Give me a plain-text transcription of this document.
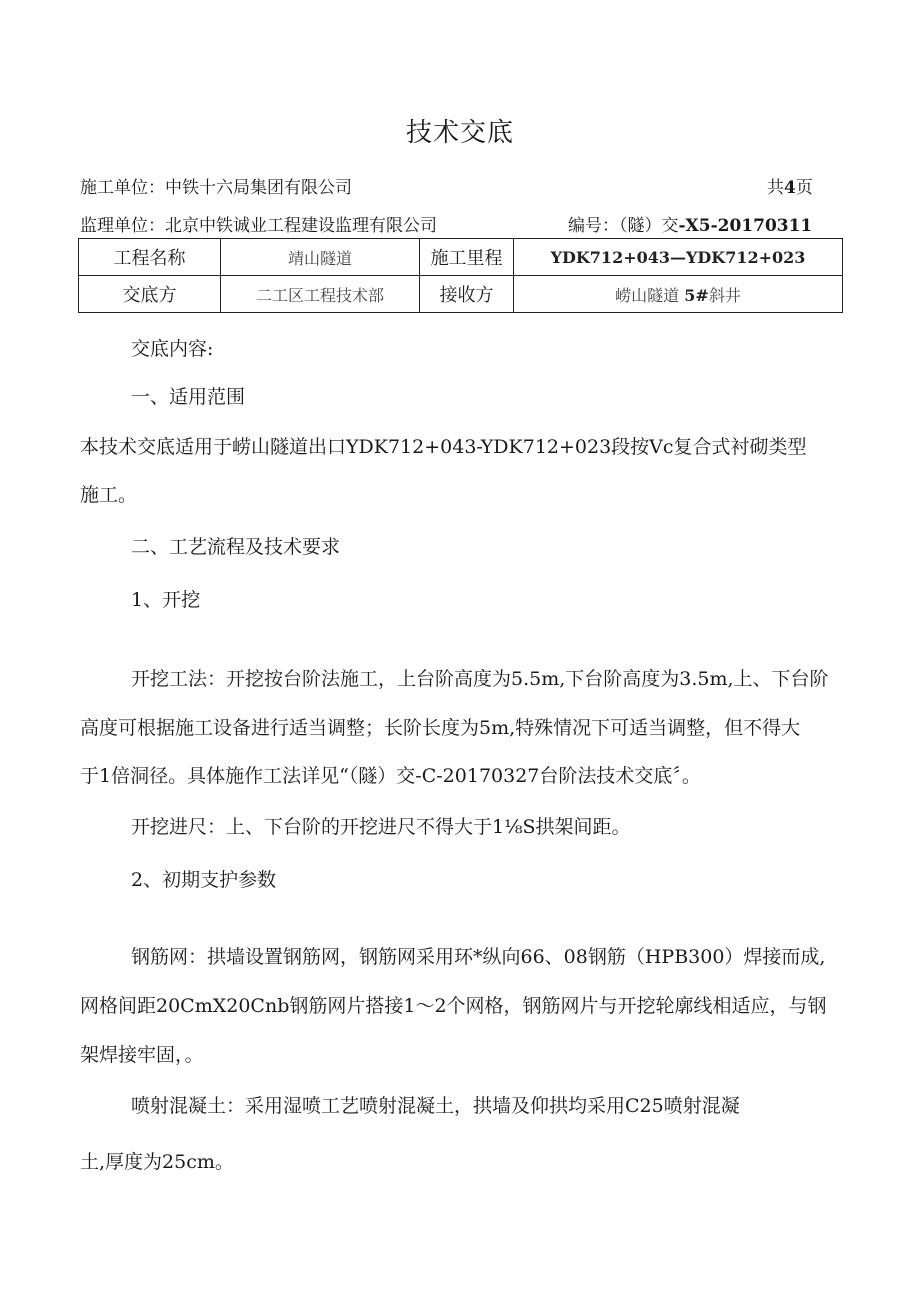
技术交底
施工单位：中铁十六局集团有限公司	共4页
监理单位：北京中铁诚业工程建设监理有限公司	编号：（隧）交-X5-20170311
工程名称	靖山隧道	施工里程	YDK712+043—YDK712+023
交底方	二工区工程技术部	接收方	崂山隧道 5#斜井
交底内容:
一、适用范围
本技术交底适用于崂山隧道出口YDK712+043-YDK712+023段按Vc复合式衬砌类型
施工。
二、工艺流程及技术要求
1、开挖
开挖工法：开挖按台阶法施工，上台阶高度为5.5m,下台阶高度为3.5m,上、下台阶
高度可根据施工设备进行适当调整；长阶长度为5m,特殊情况下可适当调整，但不得大
于1倍洞径。具体施作工法详见“（隧）交-C-20170327台阶法技术交底〞。
开挖进尺：上、下台阶的开挖进尺不得大于1⅛S拱架间距。
2、初期支护参数
钢筋网：拱墙设置钢筋网，钢筋网采用环*纵向66、08钢筋（HPB300）焊接而成,
网格间距20CmX20Cnb钢筋网片搭接1～2个网格，钢筋网片与开挖轮廓线相适应，与钢
架焊接牢固，。
喷射混凝土：采用湿喷工艺喷射混凝土，拱墙及仰拱均采用C25喷射混凝
土,厚度为25cm。
